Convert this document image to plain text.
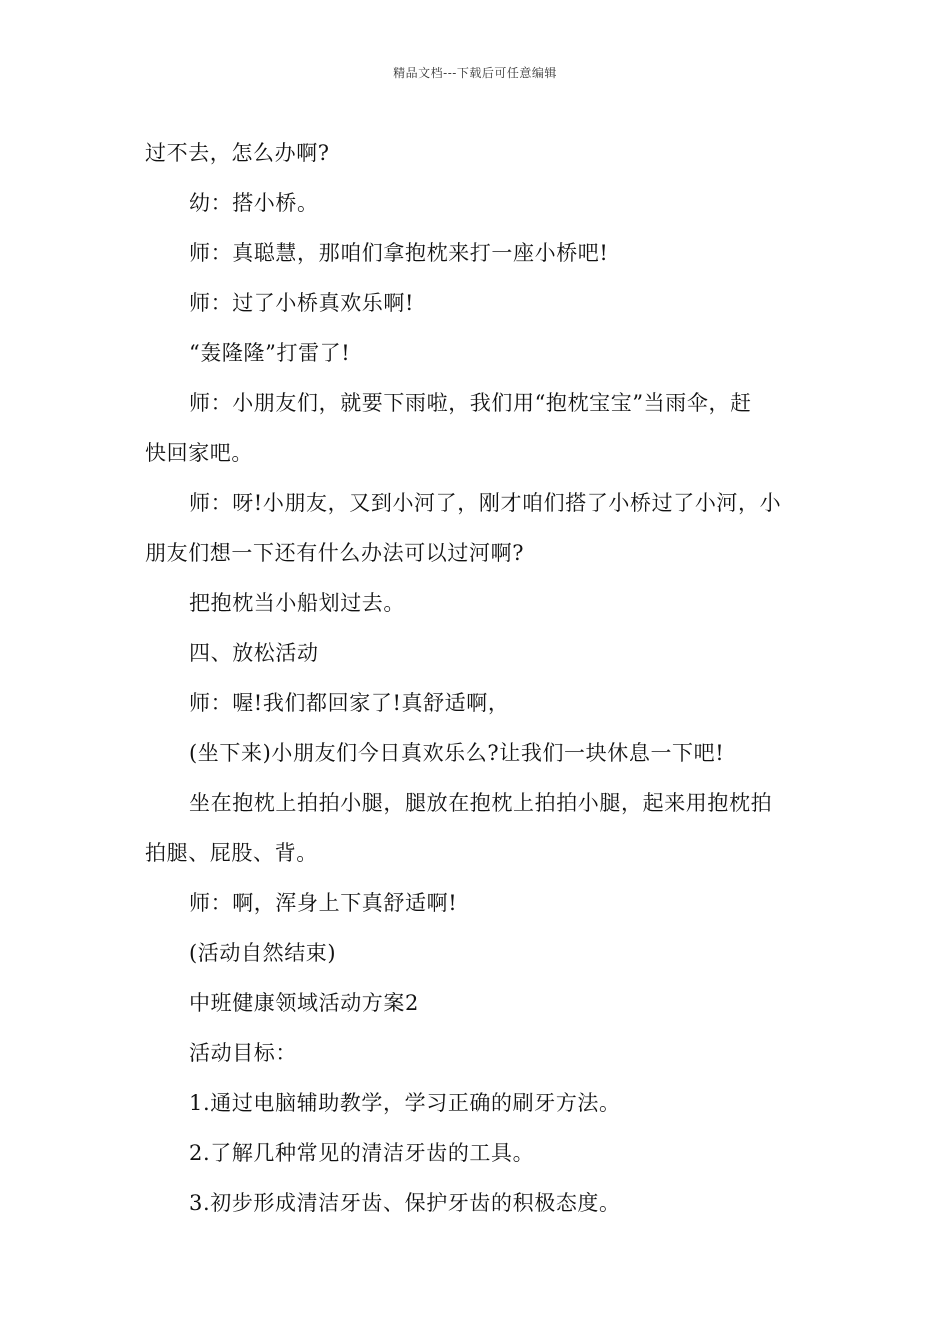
精品文档---下载后可任意编辑
过不去，怎么办啊?
幼：搭小桥。
师：真聪慧，那咱们拿抱枕来打一座小桥吧!
师：过了小桥真欢乐啊!
“轰隆隆”打雷了!
师：小朋友们，就要下雨啦，我们用“抱枕宝宝”当雨伞，赶
快回家吧。
师：呀!小朋友，又到小河了，刚才咱们搭了小桥过了小河，小
朋友们想一下还有什么办法可以过河啊?
把抱枕当小船划过去。
四、放松活动
师：喔!我们都回家了!真舒适啊，
(坐下来)小朋友们今日真欢乐么?让我们一块休息一下吧!
坐在抱枕上拍拍小腿，腿放在抱枕上拍拍小腿，起来用抱枕拍
拍腿、屁股、背。
师：啊，浑身上下真舒适啊!
(活动自然结束)
中班健康领域活动方案2
活动目标：
1.通过电脑辅助教学，学习正确的刷牙方法。
2.了解几种常见的清洁牙齿的工具。
3.初步形成清洁牙齿、保护牙齿的积极态度。
